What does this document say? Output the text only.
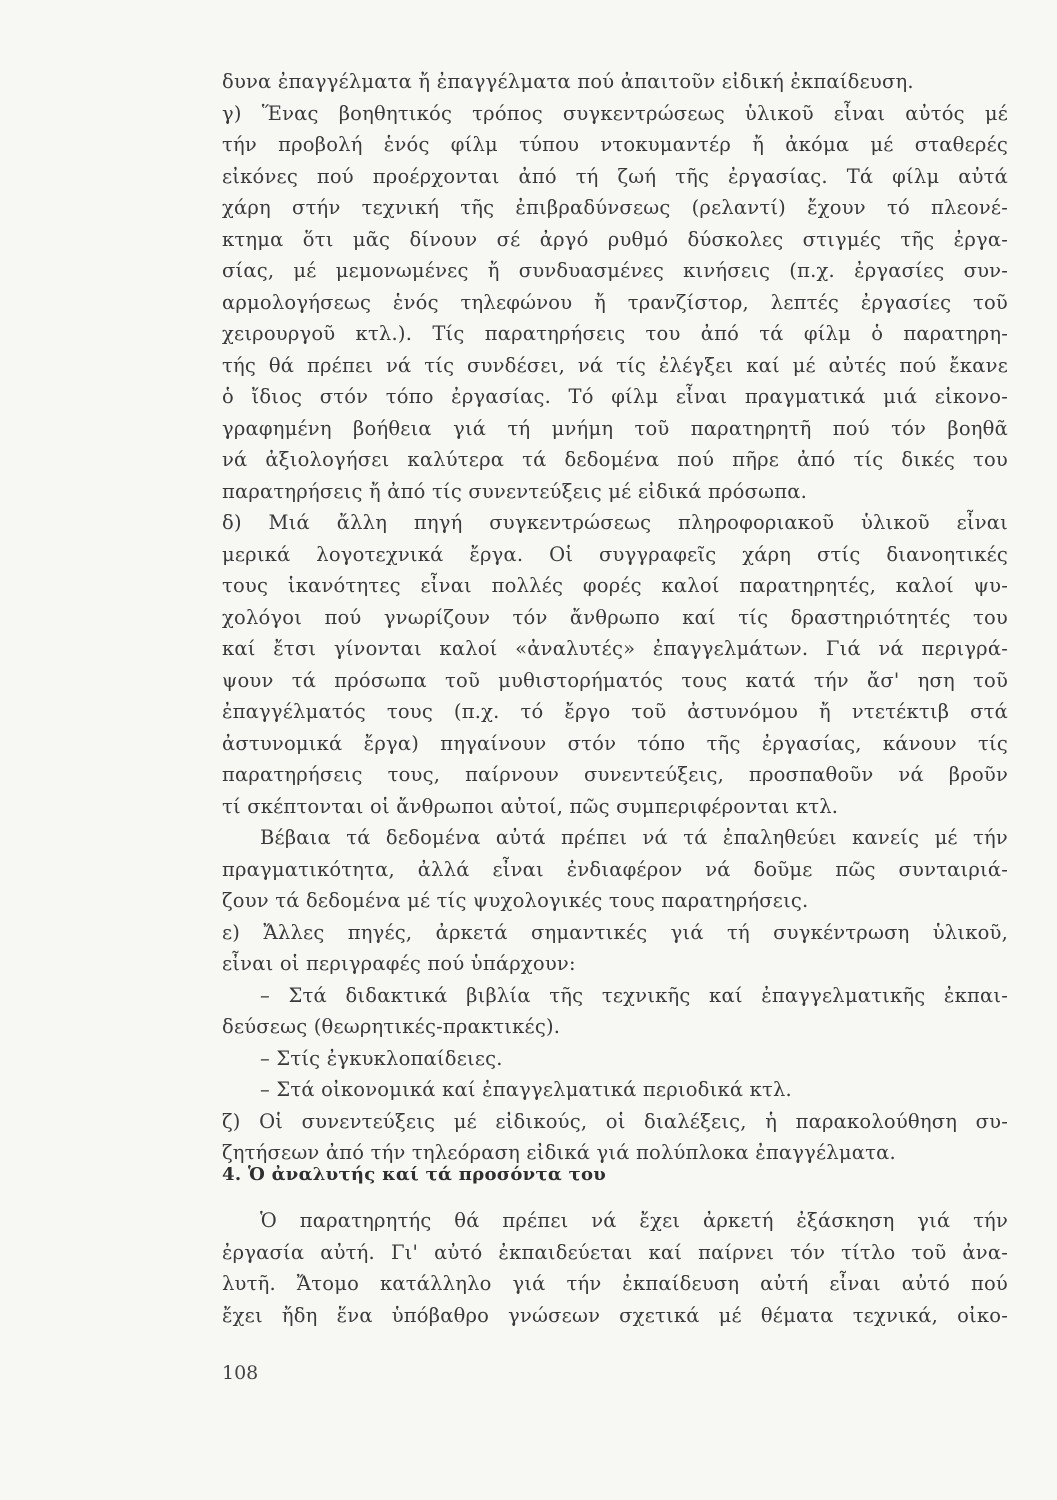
δυνα ἐπαγγέλματα ἤ ἐπαγγέλματα πού ἀπαιτοῦν εἰδική ἐκπαίδευση.
γ) Ἕνας βοηθητικός τρόπος συγκεντρώσεως ὑλικοῦ εἶναι αὐτός μέ
τήν προβολή ἑνός φίλμ τύπου ντοκυμαντέρ ἤ ἀκόμα μέ σταθερές
εἰκόνες πού προέρχονται ἀπό τή ζωή τῆς ἐργασίας. Τά φίλμ αὐτά
χάρη στήν τεχνική τῆς ἐπιβραδύνσεως (ρελαντί) ἔχουν τό πλεονέ-
κτημα ὅτι μᾶς δίνουν σέ ἀργό ρυθμό δύσκολες στιγμές τῆς ἐργα-
σίας, μέ μεμονωμένες ἤ συνδυασμένες κινήσεις (π.χ. ἐργασίες συν-
αρμολογήσεως ἑνός τηλεφώνου ἤ τρανζίστορ, λεπτές ἐργασίες τοῦ
χειρουργοῦ κτλ.). Τίς παρατηρήσεις του ἀπό τά φίλμ ὁ παρατηρη-
τής θά πρέπει νά τίς συνδέσει, νά τίς ἐλέγξει καί μέ αὐτές πού ἔκανε
ὁ ἴδιος στόν τόπο ἐργασίας. Τό φίλμ εἶναι πραγματικά μιά εἰκονο-
γραφημένη βοήθεια γιά τή μνήμη τοῦ παρατηρητῆ πού τόν βοηθᾶ
νά ἀξιολογήσει καλύτερα τά δεδομένα πού πῆρε ἀπό τίς δικές του
παρατηρήσεις ἤ ἀπό τίς συνεντεύξεις μέ εἰδικά πρόσωπα.
δ) Μιά ἄλλη πηγή συγκεντρώσεως πληροφοριακοῦ ὑλικοῦ εἶναι
μερικά λογοτεχνικά ἔργα. Οἱ συγγραφεῖς χάρη στίς διανοητικές
τους ἱκανότητες εἶναι πολλές φορές καλοί παρατηρητές, καλοί ψυ-
χολόγοι πού γνωρίζουν τόν ἄνθρωπο καί τίς δραστηριότητές του
καί ἔτσι γίνονται καλοί «ἀναλυτές» ἐπαγγελμάτων. Γιά νά περιγρά-
ψουν τά πρόσωπα τοῦ μυθιστορήματός τους κατά τήν ἄσ' ηση τοῦ
ἐπαγγέλματός τους (π.χ. τό ἔργο τοῦ ἀστυνόμου ἤ ντετέκτιβ στά
ἀστυνομικά ἔργα) πηγαίνουν στόν τόπο τῆς ἐργασίας, κάνουν τίς
παρατηρήσεις τους, παίρνουν συνεντεύξεις, προσπαθοῦν νά βροῦν
τί σκέπτονται οἱ ἄνθρωποι αὐτοί, πῶς συμπεριφέρονται κτλ.
Βέβαια τά δεδομένα αὐτά πρέπει νά τά ἐπαληθεύει κανείς μέ τήν
πραγματικότητα, ἀλλά εἶναι ἐνδιαφέρον νά δοῦμε πῶς συνταιριά-
ζουν τά δεδομένα μέ τίς ψυχολογικές τους παρατηρήσεις.
ε) Ἄλλες πηγές, ἀρκετά σημαντικές γιά τή συγκέντρωση ὑλικοῦ,
εἶναι οἱ περιγραφές πού ὑπάρχουν:
– Στά διδακτικά βιβλία τῆς τεχνικῆς καί ἐπαγγελματικῆς ἐκπαι-
δεύσεως (θεωρητικές-πρακτικές).
– Στίς ἐγκυκλοπαίδειες.
– Στά οἰκονομικά καί ἐπαγγελματικά περιοδικά κτλ.
ζ) Οἱ συνεντεύξεις μέ εἰδικούς, οἱ διαλέξεις, ἡ παρακολούθηση συ-
ζητήσεων ἀπό τήν τηλεόραση εἰδικά γιά πολύπλοκα ἐπαγγέλματα.
4. Ὁ ἀναλυτής καί τά προσόντα του
Ὁ παρατηρητής θά πρέπει νά ἔχει ἀρκετή ἐξάσκηση γιά τήν
ἐργασία αὐτή. Γι' αὐτό ἐκπαιδεύεται καί παίρνει τόν τίτλο τοῦ ἀνα-
λυτῆ. Ἄτομο κατάλληλο γιά τήν ἐκπαίδευση αὐτή εἶναι αὐτό πού
ἔχει ἤδη ἕνα ὑπόβαθρο γνώσεων σχετικά μέ θέματα τεχνικά, οἰκο-
108
